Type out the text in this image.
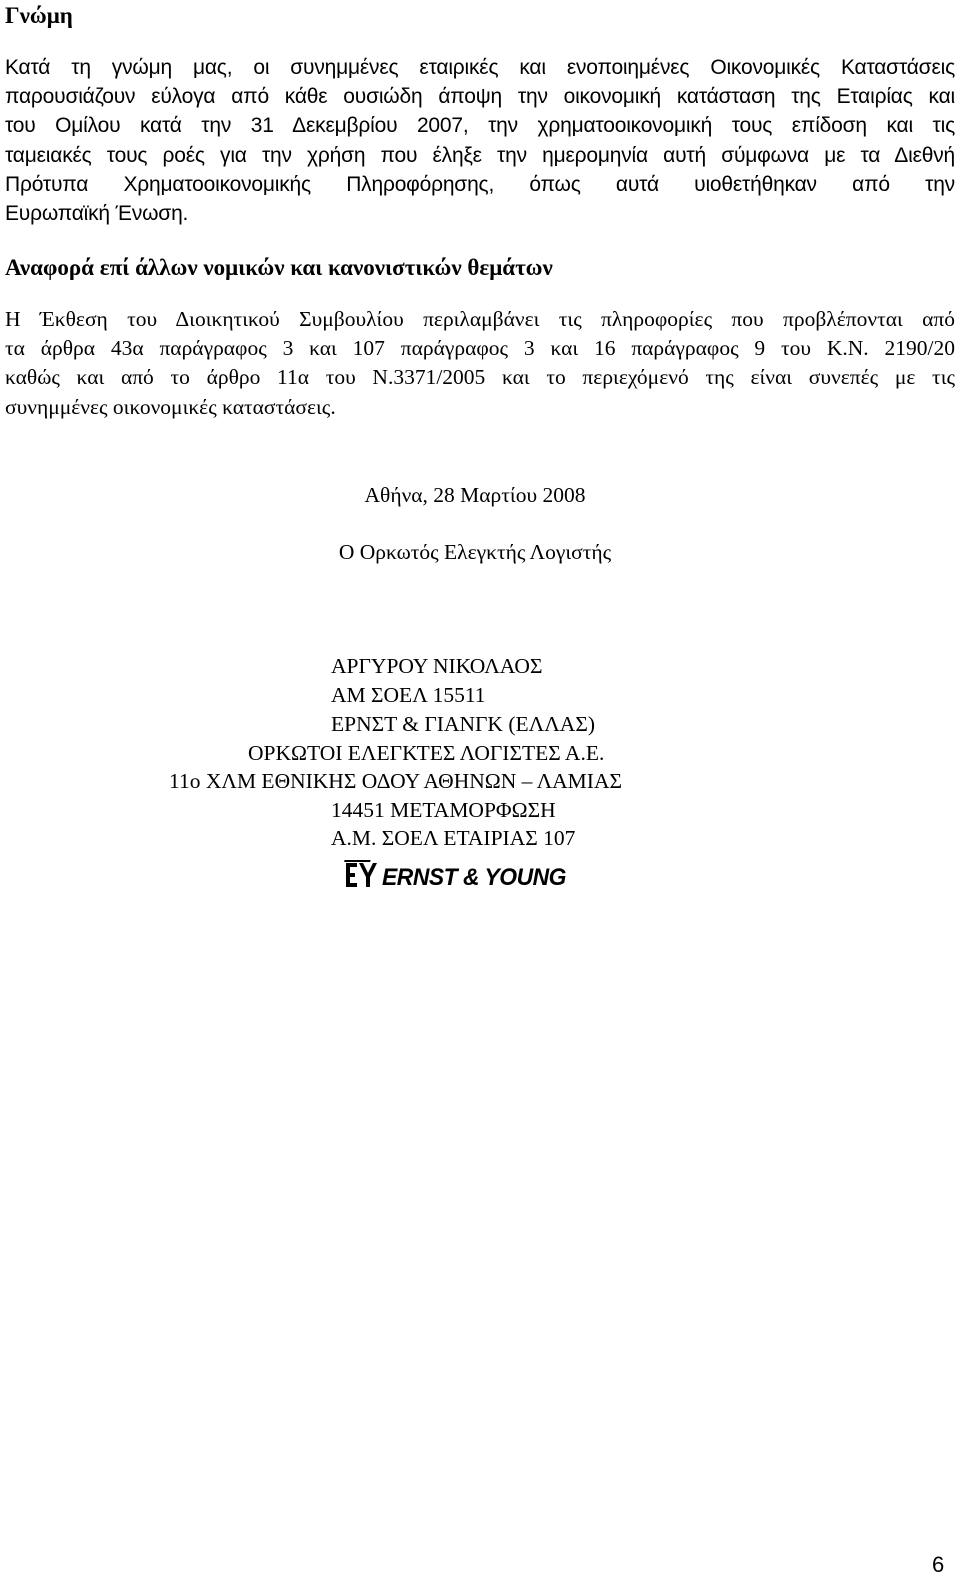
Γνώμη

Κατά τη γνώμη μας, οι συνημμένες εταιρικές και ενοποιημένες Οικονομικές Καταστάσεις
παρουσιάζουν εύλογα από κάθε ουσιώδη άποψη την οικονομική κατάσταση της Εταιρίας και
του Ομίλου κατά την 31 Δεκεμβρίου 2007, την χρηματοοικονομική τους επίδοση και τις
ταμειακές τους ροές για την χρήση που έληξε την ημερομηνία αυτή σύμφωνα με τα Διεθνή
Πρότυπα Χρηματοοικονομικής Πληροφόρησης, όπως αυτά υιοθετήθηκαν από την
Ευρωπαϊκή Ένωση.

Αναφορά επί άλλων νομικών και κανονιστικών θεμάτων

Η Έκθεση του Διοικητικού Συμβουλίου περιλαμβάνει τις πληροφορίες που προβλέπονται από
τα άρθρα 43α παράγραφος 3 και 107 παράγραφος 3 και 16 παράγραφος 9 του Κ.Ν. 2190/20
καθώς και από το άρθρο 11α του Ν.3371/2005 και το περιεχόμενό της είναι συνεπές με τις
συνημμένες οικονομικές καταστάσεις.

Αθήνα, 28 Μαρτίου 2008

Ο Ορκωτός Ελεγκτής Λογιστής

ΑΡΓΥΡΟΥ ΝΙΚΟΛΑΟΣ
ΑΜ ΣΟΕΛ 15511
ΕΡΝΣΤ & ΓΙΑΝΓΚ (ΕΛΛΑΣ)
ΟΡΚΩΤΟΙ ΕΛΕΓΚΤΕΣ ΛΟΓΙΣΤΕΣ Α.Ε.
11ο ΧΛΜ ΕΘΝΙΚΗΣ ΟΔΟΥ ΑΘΗΝΩΝ – ΛΑΜΙΑΣ
14451 ΜΕΤΑΜΟΡΦΩΣΗ
Α.Μ. ΣΟΕΛ ΕΤΑΙΡΙΑΣ 107
ERNST & YOUNG

6
